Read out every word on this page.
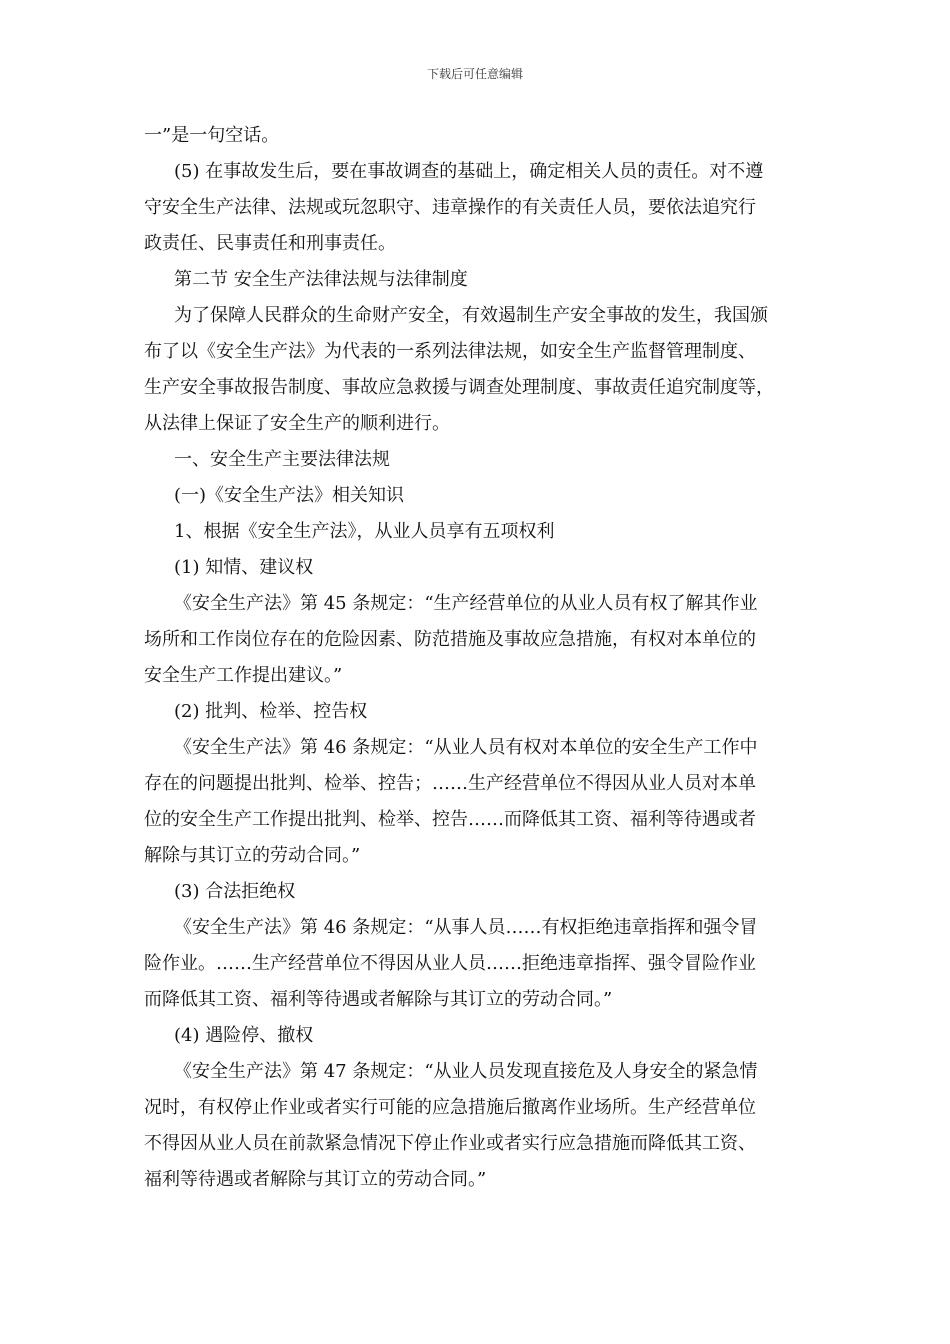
下载后可任意编辑

一”是一句空话。

(5) 在事故发生后，要在事故调查的基础上，确定相关人员的责任。对不遵

守安全生产法律、法规或玩忽职守、违章操作的有关责任人员，要依法追究行

政责任、民事责任和刑事责任。

第二节 安全生产法律法规与法律制度

为了保障人民群众的生命财产安全，有效遏制生产安全事故的发生，我国颁

布了以《安全生产法》为代表的一系列法律法规，如安全生产监督管理制度、

生产安全事故报告制度、事故应急救援与调查处理制度、事故责任追究制度等，

从法律上保证了安全生产的顺利进行。

一、安全生产主要法律法规

(一)《安全生产法》相关知识

1、根据《安全生产法》，从业人员享有五项权利

(1) 知情、建议权

《安全生产法》第 45 条规定：“生产经营单位的从业人员有权了解其作业

场所和工作岗位存在的危险因素、防范措施及事故应急措施，有权对本单位的

安全生产工作提出建议。”

(2) 批判、检举、控告权

《安全生产法》第 46 条规定：“从业人员有权对本单位的安全生产工作中

存在的问题提出批判、检举、控告；……生产经营单位不得因从业人员对本单

位的安全生产工作提出批判、检举、控告……而降低其工资、福利等待遇或者

解除与其订立的劳动合同。”

(3) 合法拒绝权

《安全生产法》第 46 条规定：“从事人员……有权拒绝违章指挥和强令冒

险作业。……生产经营单位不得因从业人员……拒绝违章指挥、强令冒险作业

而降低其工资、福利等待遇或者解除与其订立的劳动合同。”

(4) 遇险停、撤权

《安全生产法》第 47 条规定：“从业人员发现直接危及人身安全的紧急情

况时，有权停止作业或者实行可能的应急措施后撤离作业场所。生产经营单位

不得因从业人员在前款紧急情况下停止作业或者实行应急措施而降低其工资、

福利等待遇或者解除与其订立的劳动合同。”
